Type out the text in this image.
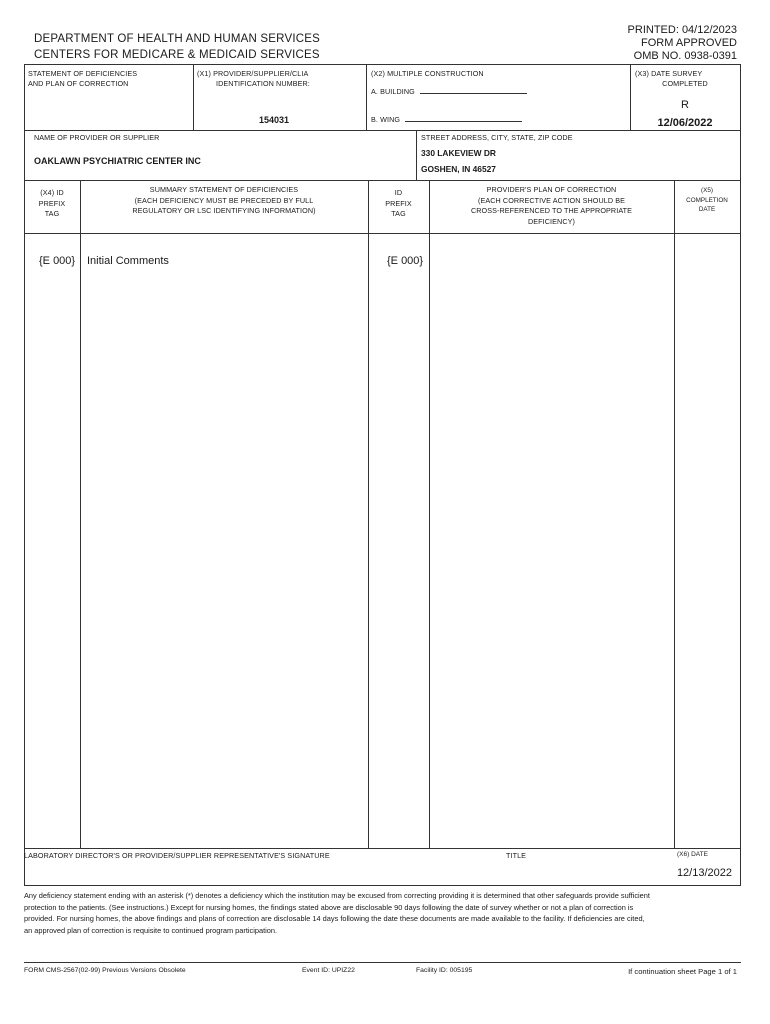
DEPARTMENT OF HEALTH AND HUMAN SERVICES
CENTERS FOR MEDICARE & MEDICAID SERVICES
PRINTED: 04/12/2023
FORM APPROVED
OMB NO. 0938-0391
STATEMENT OF DEFICIENCIES
AND PLAN OF CORRECTION
(X1) PROVIDER/SUPPLIER/CLIA
IDENTIFICATION NUMBER:
154031
(X2) MULTIPLE CONSTRUCTION
A. BUILDING
B. WING
(X3) DATE SURVEY
COMPLETED
R
12/06/2022
NAME OF PROVIDER OR SUPPLIER
OAKLAWN PSYCHIATRIC CENTER INC
STREET ADDRESS, CITY, STATE, ZIP CODE
330 LAKEVIEW DR
GOSHEN, IN 46527
(X4) ID
PREFIX
TAG
SUMMARY STATEMENT OF DEFICIENCIES
(EACH DEFICIENCY MUST BE PRECEDED BY FULL
REGULATORY OR LSC IDENTIFYING INFORMATION)
ID
PREFIX
TAG
PROVIDER'S PLAN OF CORRECTION
(EACH CORRECTIVE ACTION SHOULD BE
CROSS-REFERENCED TO THE APPROPRIATE
DEFICIENCY)
(X5)
COMPLETION
DATE
{E 000} Initial Comments	{E 000}
LABORATORY DIRECTOR'S OR PROVIDER/SUPPLIER REPRESENTATIVE'S SIGNATURE	TITLE	(X6) DATE
12/13/2022
Any deficiency statement ending with an asterisk (*) denotes a deficiency which the institution may be excused from correcting providing it is determined that other safeguards provide sufficient protection to the patients. (See instructions.) Except for nursing homes, the findings stated above are disclosable 90 days following the date of survey whether or not a plan of correction is provided. For nursing homes, the above findings and plans of correction are disclosable 14 days following the date these documents are made available to the facility. If deficiencies are cited, an approved plan of correction is requisite to continued program participation.
FORM CMS-2567(02-99) Previous Versions Obsolete	Event ID: UPIZ22	Facility ID: 005195	If continuation sheet Page 1 of 1
